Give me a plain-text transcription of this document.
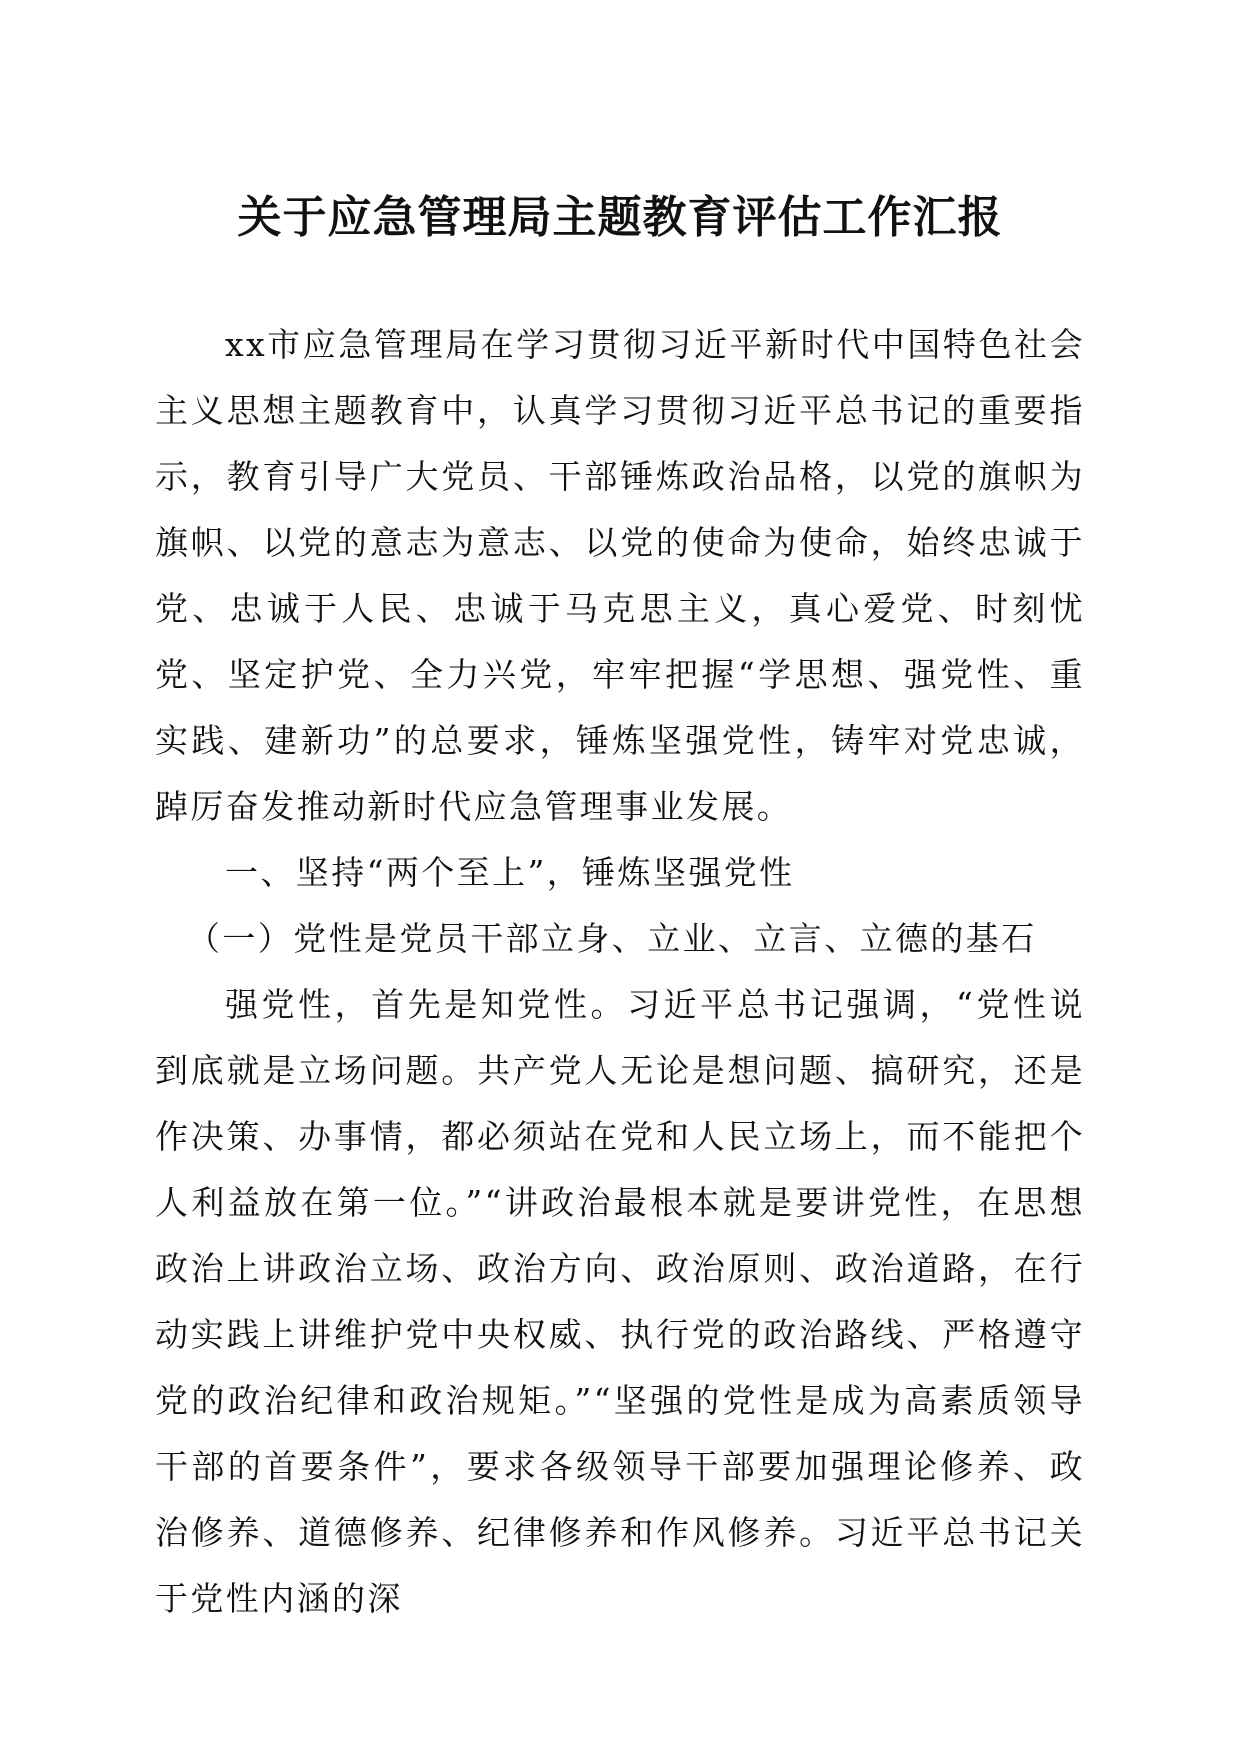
关于应急管理局主题教育评估工作汇报

xx市应急管理局在学习贯彻习近平新时代中国特色社会主义思想主题教育中，认真学习贯彻习近平总书记的重要指示，教育引导广大党员、干部锤炼政治品格，以党的旗帜为旗帜、以党的意志为意志、以党的使命为使命，始终忠诚于党、忠诚于人民、忠诚于马克思主义，真心爱党、时刻忧党、坚定护党、全力兴党，牢牢把握“学思想、强党性、重实践、建新功”的总要求，锤炼坚强党性，铸牢对党忠诚，踔厉奋发推动新时代应急管理事业发展。

一、坚持“两个至上”，锤炼坚强党性

（一）党性是党员干部立身、立业、立言、立德的基石

强党性，首先是知党性。习近平总书记强调，“党性说到底就是立场问题。共产党人无论是想问题、搞研究，还是作决策、办事情，都必须站在党和人民立场上，而不能把个人利益放在第一位。”“讲政治最根本就是要讲党性，在思想政治上讲政治立场、政治方向、政治原则、政治道路，在行动实践上讲维护党中央权威、执行党的政治路线、严格遵守党的政治纪律和政治规矩。”“坚强的党性是成为高素质领导干部的首要条件”，要求各级领导干部要加强理论修养、政治修养、道德修养、纪律修养和作风修养。习近平总书记关于党性内涵的深
